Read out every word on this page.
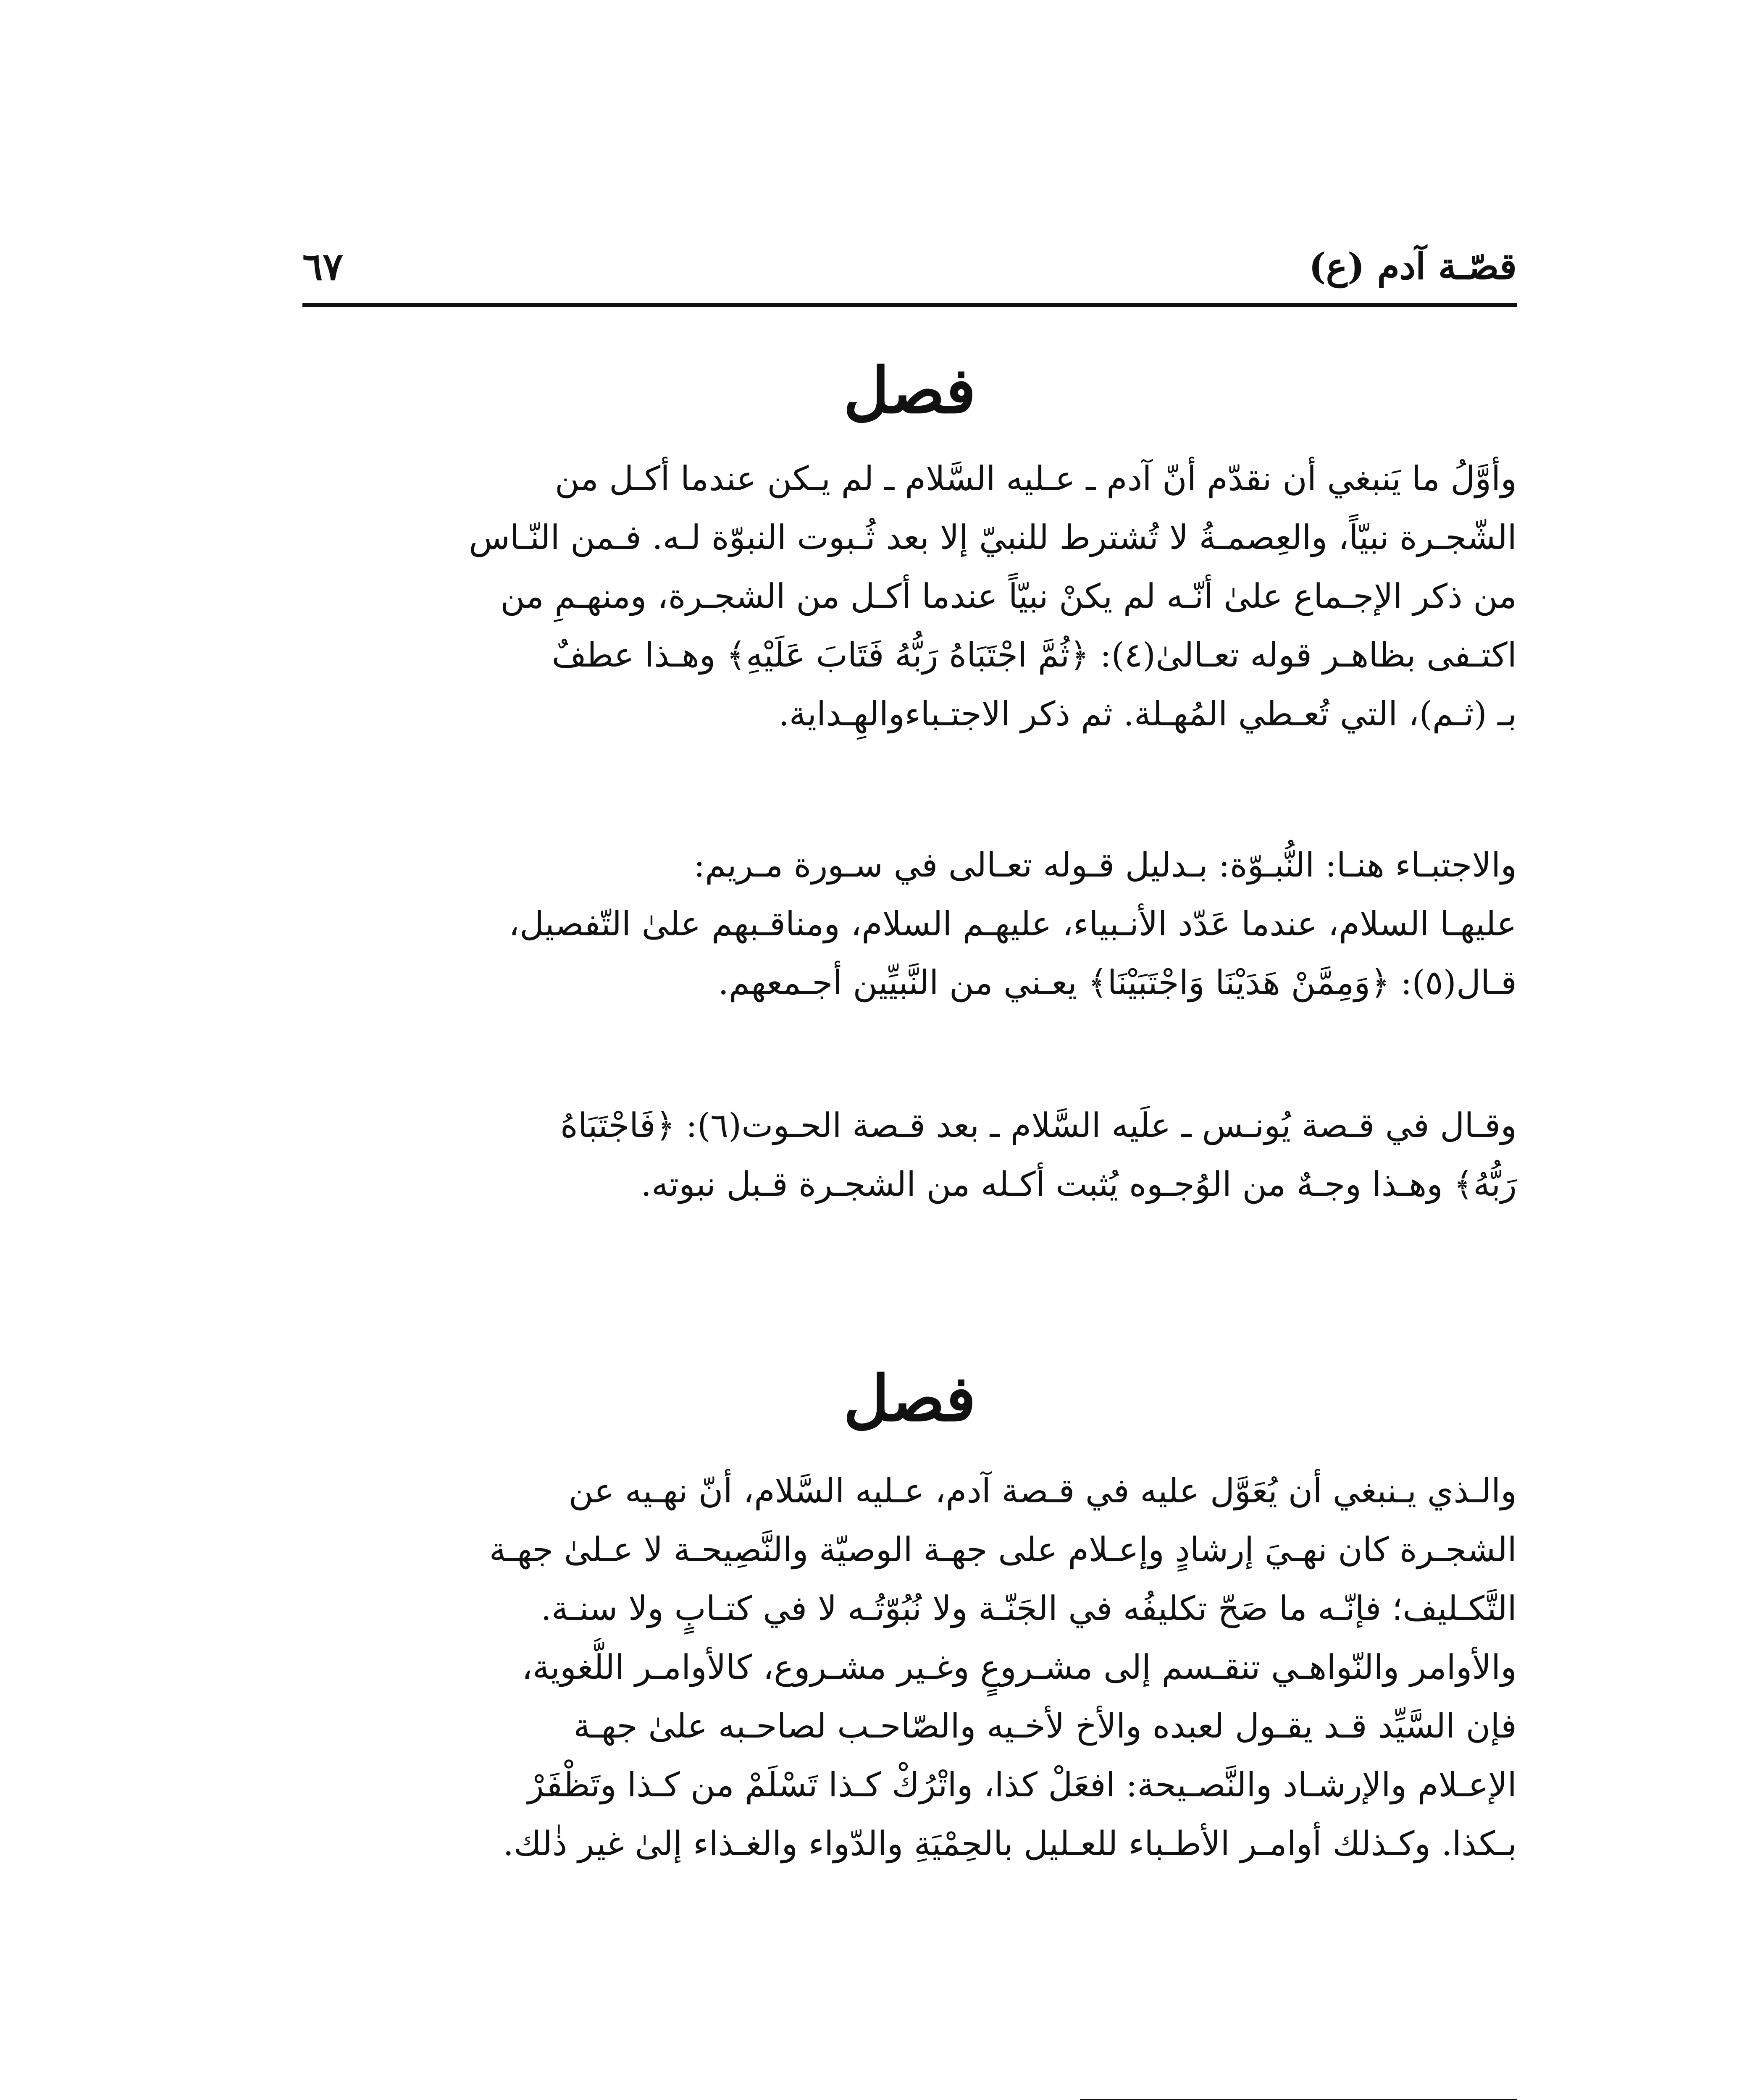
قصّـة آدم (ع)
٦٧
فصل

وأوَّلُ ما يَنبغي أن نقدّم أنّ آدم ـ عـليه السَّلام ـ لم يـكن عندما أكـل من
الشّجـرة نبيّاً، والعِصمـةُ لا تُشترط للنبيّ إلا بعد ثُـبوت النبوّة لـه. فـمن النّـاس
من ذكر الإجـماع علىٰ أنّـه لم يكنْ نبيّاً عندما أكـل من الشجـرة، ومنهـمِ من
اكتـفى بظاهـر قوله تعـالىٰ(٤): ﴿ثُمَّ اجْتَبَاهُ رَبُّهُ فَتَابَ عَلَيْهِ﴾ وهـذا عطفٌ
بـ (ثـم)، التي تُعـطي المُهـلة. ثم ذكر الاجتـباءوالهِـداية.

والاجتبـاء هنـا: النُّبـوّة: بـدليل قـوله تعـالى في سـورة مـريم:
عليهـا السلام، عندما عَدّد الأنـبياء، عليهـم السلام، ومناقـبهم علىٰ التّفصيل،
قـال(٥): ﴿وَمِمَّنْ هَدَيْنَا وَاجْتَبَيْنَا﴾ يعـني من النَّبيِّين أجـمعهم.

وقـال في قـصة يُونـس ـ علَيه السَّلام ـ بعد قـصة الحـوت(٦): ﴿فَاجْتَبَاهُ
رَبُّهُ﴾ وهـذا وجـهٌ من الوُجـوه يُثبت أكـله من الشجـرة قـبل نبوته.

فصل

والـذي يـنبغي أن يُعَوَّل عليه في قـصة آدم، عـليه السَّلام، أنّ نهـيه عن
الشجـرة كان نهـيَ إرشادٍ وإعـلام على جهـة الوصيّة والنَّصِيحـة لا عـلىٰ جهـة
التَّكـليف؛ فإنّـه ما صَحّ تكليفُه في الجَنّـة ولا نُبُوّتُـه لا في كتـابٍ ولا سنـة.
والأوامر والنّواهـي تنقـسم إلى مشـروعٍ وغـير مشـروع، كالأوامـر اللُّغوية،
فإن السَّيِّد قـد يقـول لعبده والأخ لأخـيه والصّاحـب لصاحـبه علىٰ جهـة
الإعـلام والإرشـاد والنَّصـيحة: افعَلْ كذا، واتْرُكْ كـذا تَسْلَمْ من كـذا وتَظْفَرْ
بـكذا. وكـذلك أوامـر الأطـباء للعـليل بالحِمْيَةِ والدّواء والغـذاء إلىٰ غير ذٰلك.
